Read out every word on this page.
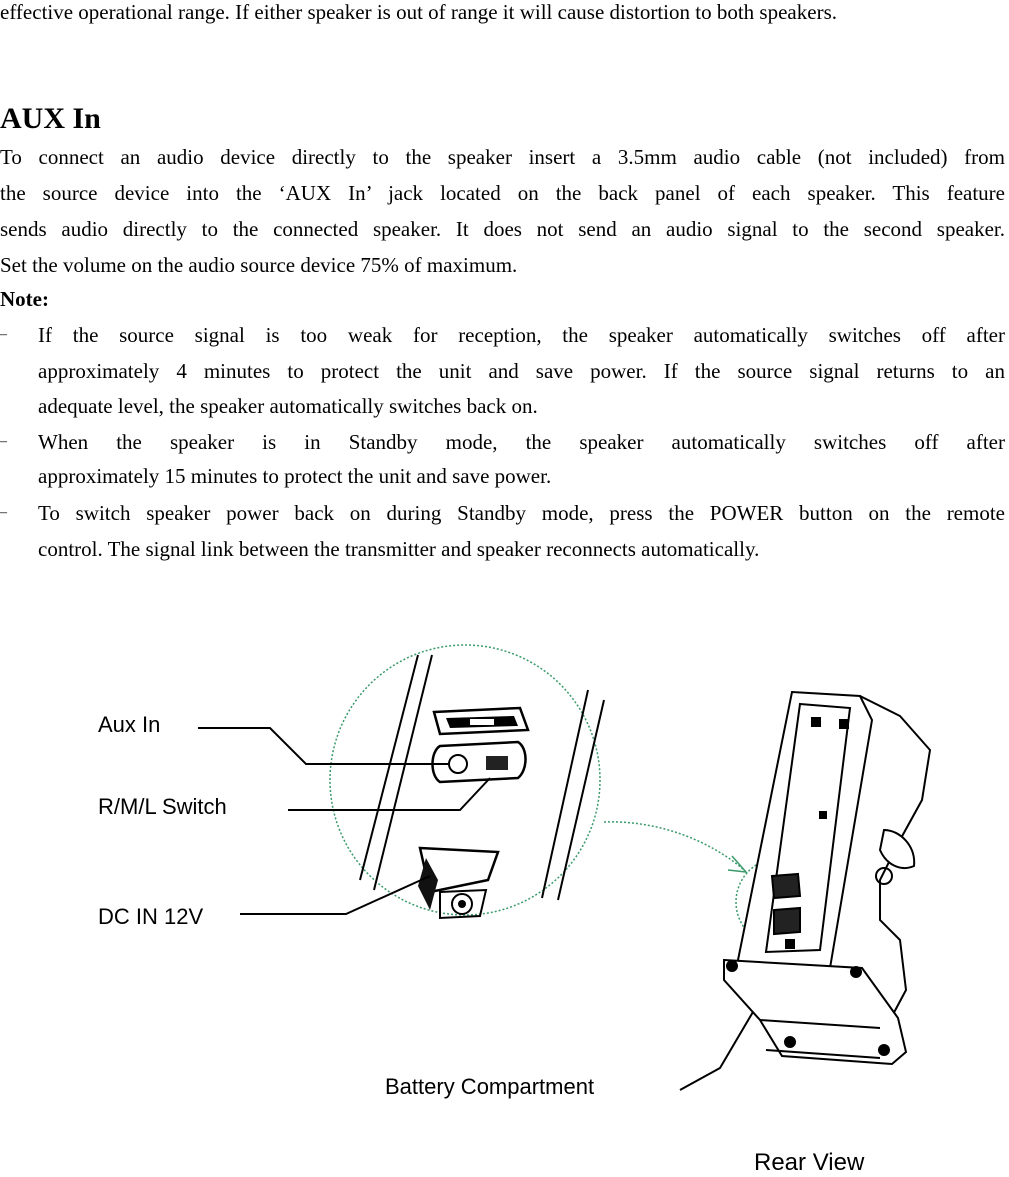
effective operational range. If either speaker is out of range it will cause distortion to both speakers.
AUX In
To connect an audio device directly to the speaker insert a 3.5mm audio cable (not included) from
the source device into the ‘AUX In’ jack located on the back panel of each speaker. This feature
sends audio directly to the connected speaker. It does not send an audio signal to the second speaker.
Set the volume on the audio source device 75% of maximum.
Note:
– If the source signal is too weak for reception, the speaker automatically switches off after
approximately 4 minutes to protect the unit and save power. If the source signal returns to an
adequate level, the speaker automatically switches back on.
– When the speaker is in Standby mode, the speaker automatically switches off after
approximately 15 minutes to protect the unit and save power.
– To switch speaker power back on during Standby mode, press the POWER button on the remote
control. The signal link between the transmitter and speaker reconnects automatically.
Aux In
R/M/L Switch
DC IN 12V
Battery Compartment
Rear View
